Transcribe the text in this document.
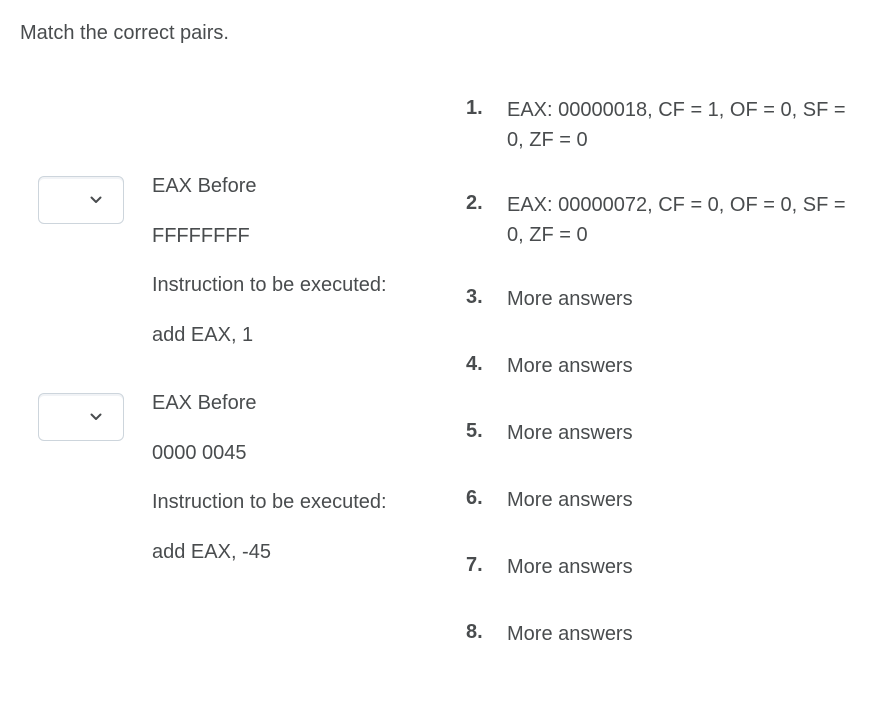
Match the correct pairs.
EAX Before
FFFFFFFF
Instruction to be executed:
add EAX, 1
EAX Before
0000 0045
Instruction to be executed:
add EAX, -45
1. EAX: 00000018, CF = 1, OF = 0, SF = 0, ZF = 0
2. EAX: 00000072, CF = 0, OF = 0, SF = 0, ZF = 0
3. More answers
4. More answers
5. More answers
6. More answers
7. More answers
8. More answers
